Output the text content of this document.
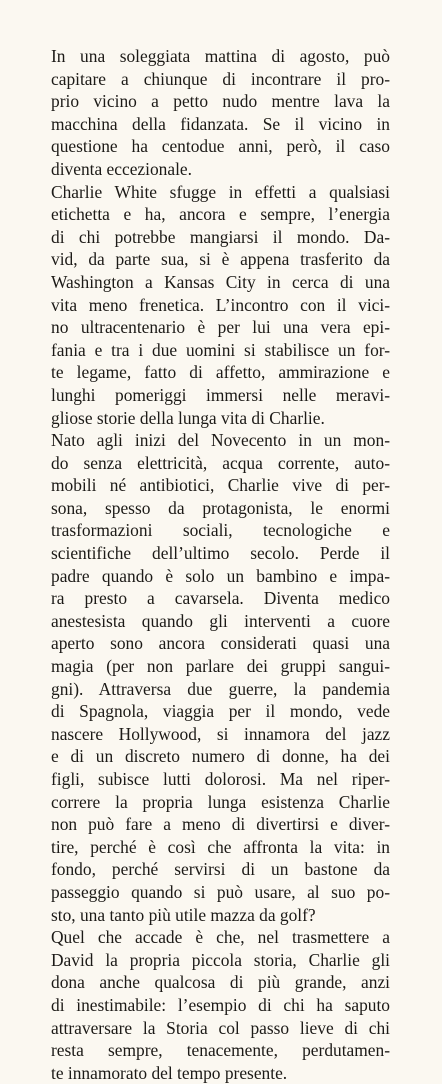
In una soleggiata mattina di agosto, può
capitare a chiunque di incontrare il pro-
prio vicino a petto nudo mentre lava la
macchina della fidanzata. Se il vicino in
questione ha centodue anni, però, il caso
diventa eccezionale.

Charlie White sfugge in effetti a qualsiasi
etichetta e ha, ancora e sempre, l’energia
di chi potrebbe mangiarsi il mondo. Da-
vid, da parte sua, si è appena trasferito da
Washington a Kansas City in cerca di una
vita meno frenetica. L’incontro con il vici-
no ultracentenario è per lui una vera epi-
fania e tra i due uomini si stabilisce un for-
te legame, fatto di affetto, ammirazione e
lunghi pomeriggi immersi nelle meravi-
gliose storie della lunga vita di Charlie.

Nato agli inizi del Novecento in un mon-
do senza elettricità, acqua corrente, auto-
mobili né antibiotici, Charlie vive di per-
sona, spesso da protagonista, le enormi
trasformazioni sociali, tecnologiche e
scientifiche dell’ultimo secolo. Perde il
padre quando è solo un bambino e impa-
ra presto a cavarsela. Diventa medico
anestesista quando gli interventi a cuore
aperto sono ancora considerati quasi una
magia (per non parlare dei gruppi sangui-
gni). Attraversa due guerre, la pandemia
di Spagnola, viaggia per il mondo, vede
nascere Hollywood, si innamora del jazz
e di un discreto numero di donne, ha dei
figli, subisce lutti dolorosi. Ma nel riper-
correre la propria lunga esistenza Charlie
non può fare a meno di divertirsi e diver-
tire, perché è così che affronta la vita: in
fondo, perché servirsi di un bastone da
passeggio quando si può usare, al suo po-
sto, una tanto più utile mazza da golf?

Quel che accade è che, nel trasmettere a
David la propria piccola storia, Charlie gli
dona anche qualcosa di più grande, anzi
di inestimabile: l’esempio di chi ha saputo
attraversare la Storia col passo lieve di chi
resta sempre, tenacemente, perdutamen-
te innamorato del tempo presente.
